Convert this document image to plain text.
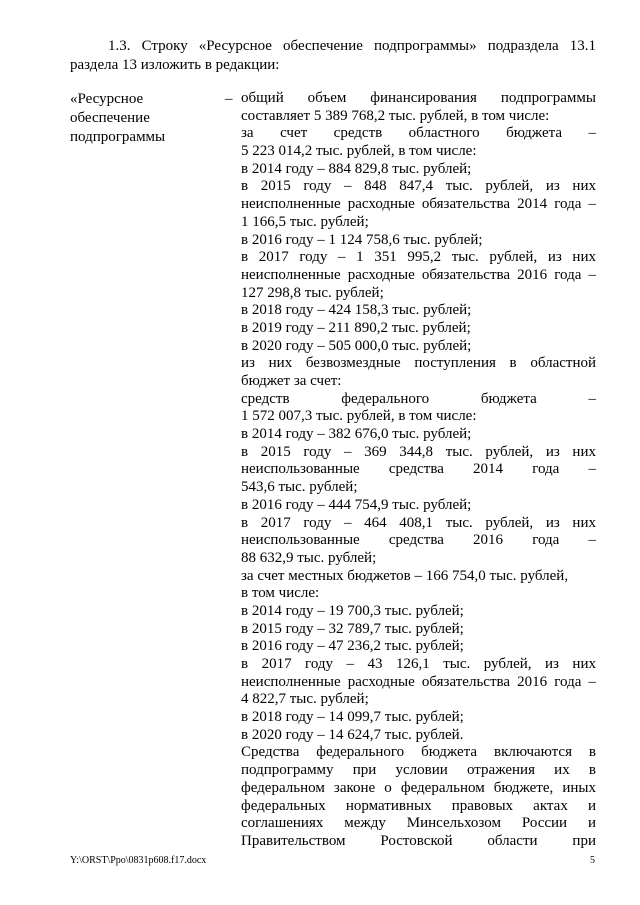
1.3. Строку «Ресурсное обеспечение подпрограммы» подраздела 13.1
раздела 13 изложить в редакции:
«Ресурсное
обеспечение
подпрограммы
– общий объем финансирования подпрограммы
составляет 5 389 768,2 тыс. рублей, в том числе:
за счет средств областного бюджета –
5 223 014,2 тыс. рублей, в том числе:
в 2014 году – 884 829,8 тыс. рублей;
в 2015 году – 848 847,4 тыс. рублей, из них
неисполненные расходные обязательства 2014 года –
1 166,5 тыс. рублей;
в 2016 году – 1 124 758,6 тыс. рублей;
в 2017 году – 1 351 995,2 тыс. рублей, из них
неисполненные расходные обязательства 2016 года –
127 298,8 тыс. рублей;
в 2018 году – 424 158,3 тыс. рублей;
в 2019 году – 211 890,2 тыс. рублей;
в 2020 году – 505 000,0 тыс. рублей;
из них безвозмездные поступления в областной
бюджет за счет:
средств федерального бюджета –
1 572 007,3 тыс. рублей, в том числе:
в 2014 году – 382 676,0 тыс. рублей;
в 2015 году – 369 344,8 тыс. рублей, из них
неиспользованные средства 2014 года –
543,6 тыс. рублей;
в 2016 году – 444 754,9 тыс. рублей;
в 2017 году – 464 408,1 тыс. рублей, из них
неиспользованные средства 2016 года –
88 632,9 тыс. рублей;
за счет местных бюджетов – 166 754,0 тыс. рублей,
в том числе:
в 2014 году – 19 700,3 тыс. рублей;
в 2015 году – 32 789,7 тыс. рублей;
в 2016 году – 47 236,2 тыс. рублей;
в 2017 году – 43 126,1 тыс. рублей, из них
неисполненные расходные обязательства 2016 года –
4 822,7 тыс. рублей;
в 2018 году – 14 099,7 тыс. рублей;
в 2020 году – 14 624,7 тыс. рублей.
Средства федерального бюджета включаются в
подпрограмму при условии отражения их в
федеральном законе о федеральном бюджете, иных
федеральных нормативных правовых актах и
соглашениях между Минсельхозом России и
Правительством Ростовской области при
Y:\ORST\Ppo\0831p608.f17.docx	5
